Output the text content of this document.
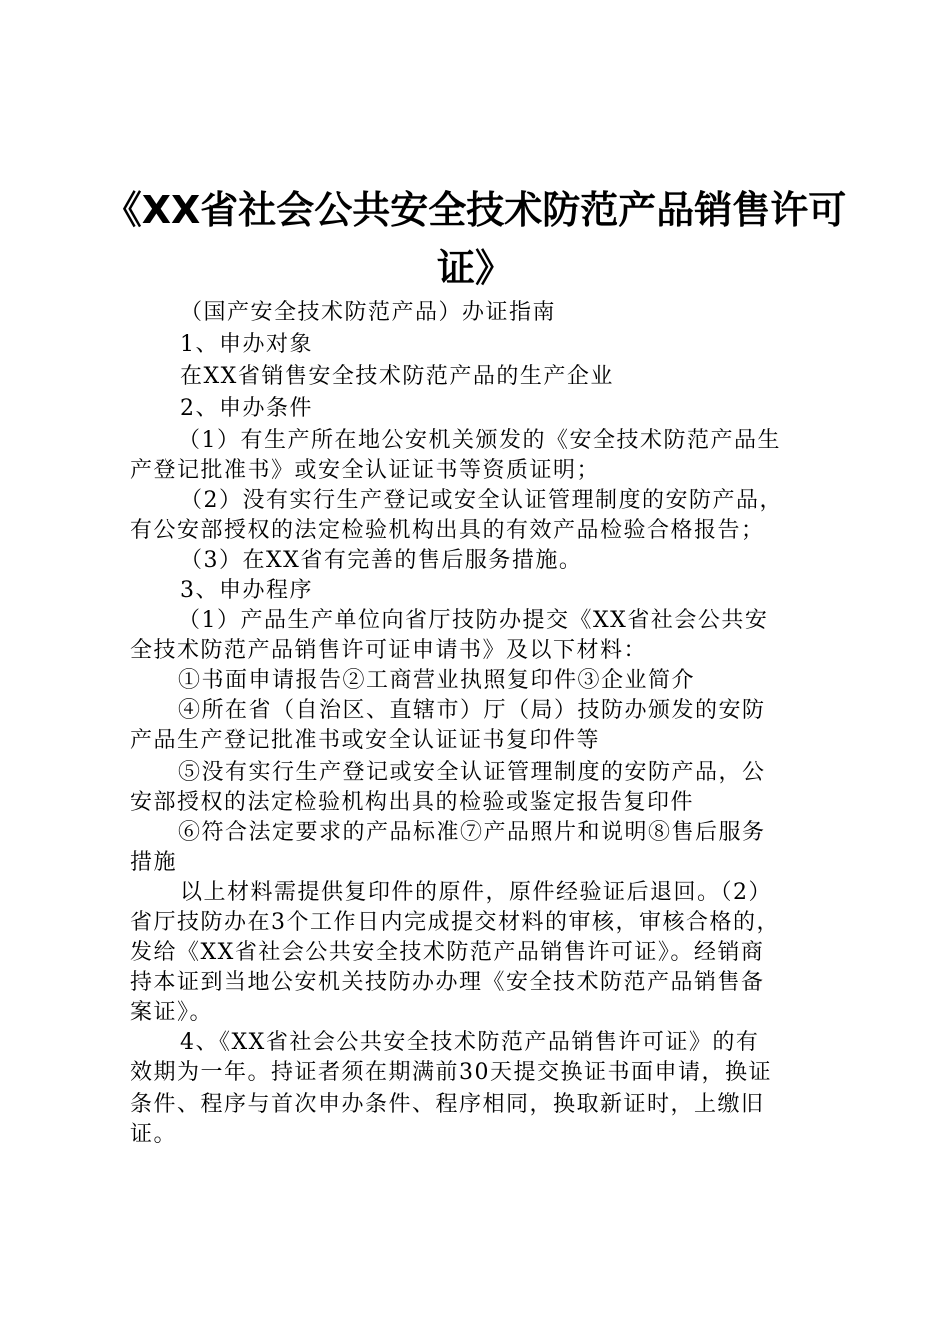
《XX省社会公共安全技术防范产品销售许可
证》
（国产安全技术防范产品）办证指南
1、申办对象
在XX省销售安全技术防范产品的生产企业
2、申办条件
（1）有生产所在地公安机关颁发的《安全技术防范产品生
产登记批准书》或安全认证证书等资质证明；
（2）没有实行生产登记或安全认证管理制度的安防产品，
有公安部授权的法定检验机构出具的有效产品检验合格报告；
（3）在XX省有完善的售后服务措施。
3、申办程序
（1）产品生产单位向省厅技防办提交《XX省社会公共安
全技术防范产品销售许可证申请书》及以下材料：
①书面申请报告②工商营业执照复印件③企业简介
④所在省（自治区、直辖市）厅（局）技防办颁发的安防
产品生产登记批准书或安全认证证书复印件等
⑤没有实行生产登记或安全认证管理制度的安防产品，公
安部授权的法定检验机构出具的检验或鉴定报告复印件
⑥符合法定要求的产品标准⑦产品照片和说明⑧售后服务
措施
以上材料需提供复印件的原件，原件经验证后退回。（2）
省厅技防办在3个工作日内完成提交材料的审核，审核合格的，
发给《XX省社会公共安全技术防范产品销售许可证》。经销商
持本证到当地公安机关技防办办理《安全技术防范产品销售备
案证》。
4、《XX省社会公共安全技术防范产品销售许可证》的有
效期为一年。持证者须在期满前30天提交换证书面申请，换证
条件、程序与首次申办条件、程序相同，换取新证时，上缴旧
证。
